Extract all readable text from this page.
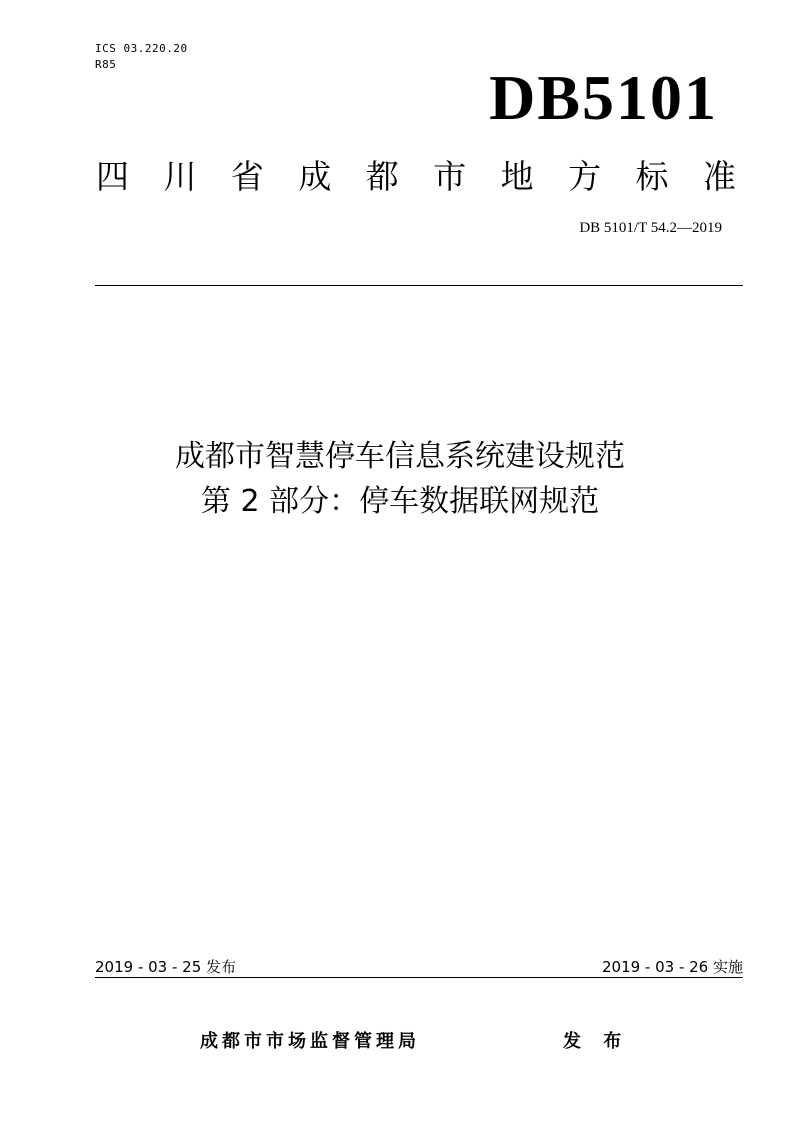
ICS 03.220.20
R85	DB5101
四 川 省 成 都 市 地 方 标 准
DB 5101/T 54.2—2019
成都市智慧停车信息系统建设规范
第 2 部分：停车数据联网规范
2019 - 03 - 25 发布	2019 - 03 - 26 实施
成都市市场监督管理局	发 布
